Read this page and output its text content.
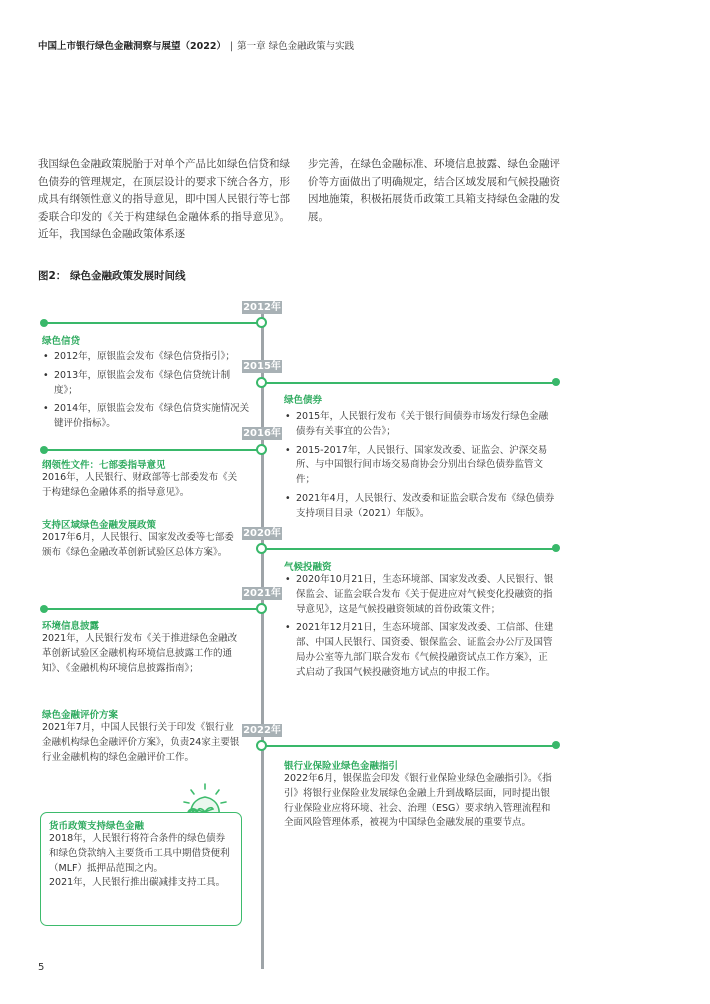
中国上市银行绿色金融洞察与展望（2022） | 第一章 绿色金融政策与实践
我国绿色金融政策脱胎于对单个产品比如绿色信贷和绿色债券的管理规定，在顶层设计的要求下统合各方，形成具有纲领性意义的指导意见，即中国人民银行等七部委联合印发的《关于构建绿色金融体系的指导意见》。近年，我国绿色金融政策体系逐
步完善，在绿色金融标准、环境信息披露、绿色金融评价等方面做出了明确规定，结合区域发展和气候投融资因地施策，积极拓展货币政策工具箱支持绿色金融的发展。
图2： 绿色金融政策发展时间线
2012年
2015年
2016年
2020年
2021年
2022年
绿色信贷
• 2012年，原银监会发布《绿色信贷指引》；
• 2013年，原银监会发布《绿色信贷统计制度》；
• 2014年，原银监会发布《绿色信贷实施情况关键评价指标》。
纲领性文件：七部委指导意见
2016年，人民银行、财政部等七部委发布《关于构建绿色金融体系的指导意见》。
支持区域绿色金融发展政策
2017年6月，人民银行、国家发改委等七部委颁布《绿色金融改革创新试验区总体方案》。
环境信息披露
2021年，人民银行发布《关于推进绿色金融改革创新试验区金融机构环境信息披露工作的通知》、《金融机构环境信息披露指南》；
绿色金融评价方案
2021年7月，中国人民银行关于印发《银行业金融机构绿色金融评价方案》，负责24家主要银行业金融机构的绿色金融评价工作。
货币政策支持绿色金融
2018年，人民银行将符合条件的绿色债券和绿色贷款纳入主要货币工具中期借贷便利（MLF）抵押品范围之内。
2021年，人民银行推出碳减排支持工具。
绿色债券
• 2015年，人民银行发布《关于银行间债券市场发行绿色金融债券有关事宜的公告》；
• 2015-2017年，人民银行、国家发改委、证监会、沪深交易所、与中国银行间市场交易商协会分别出台绿色债券监管文件；
• 2021年4月，人民银行、发改委和证监会联合发布《绿色债券支持项目目录（2021）年版》。
气候投融资
• 2020年10月21日，生态环境部、国家发改委、人民银行、银保监会、证监会联合发布《关于促进应对气候变化投融资的指导意见》，这是气候投融资领域的首份政策文件；
• 2021年12月21日，生态环境部、国家发改委、工信部、住建部、中国人民银行、国资委、银保监会、证监会办公厅及国管局办公室等九部门联合发布《气候投融资试点工作方案》，正式启动了我国气候投融资地方试点的申报工作。
银行业保险业绿色金融指引
2022年6月，银保监会印发《银行业保险业绿色金融指引》。《指引》将银行业保险业发展绿色金融上升到战略层面，同时提出银行业保险业应将环境、社会、治理（ESG）要求纳入管理流程和全面风险管理体系，被视为中国绿色金融发展的重要节点。
5
